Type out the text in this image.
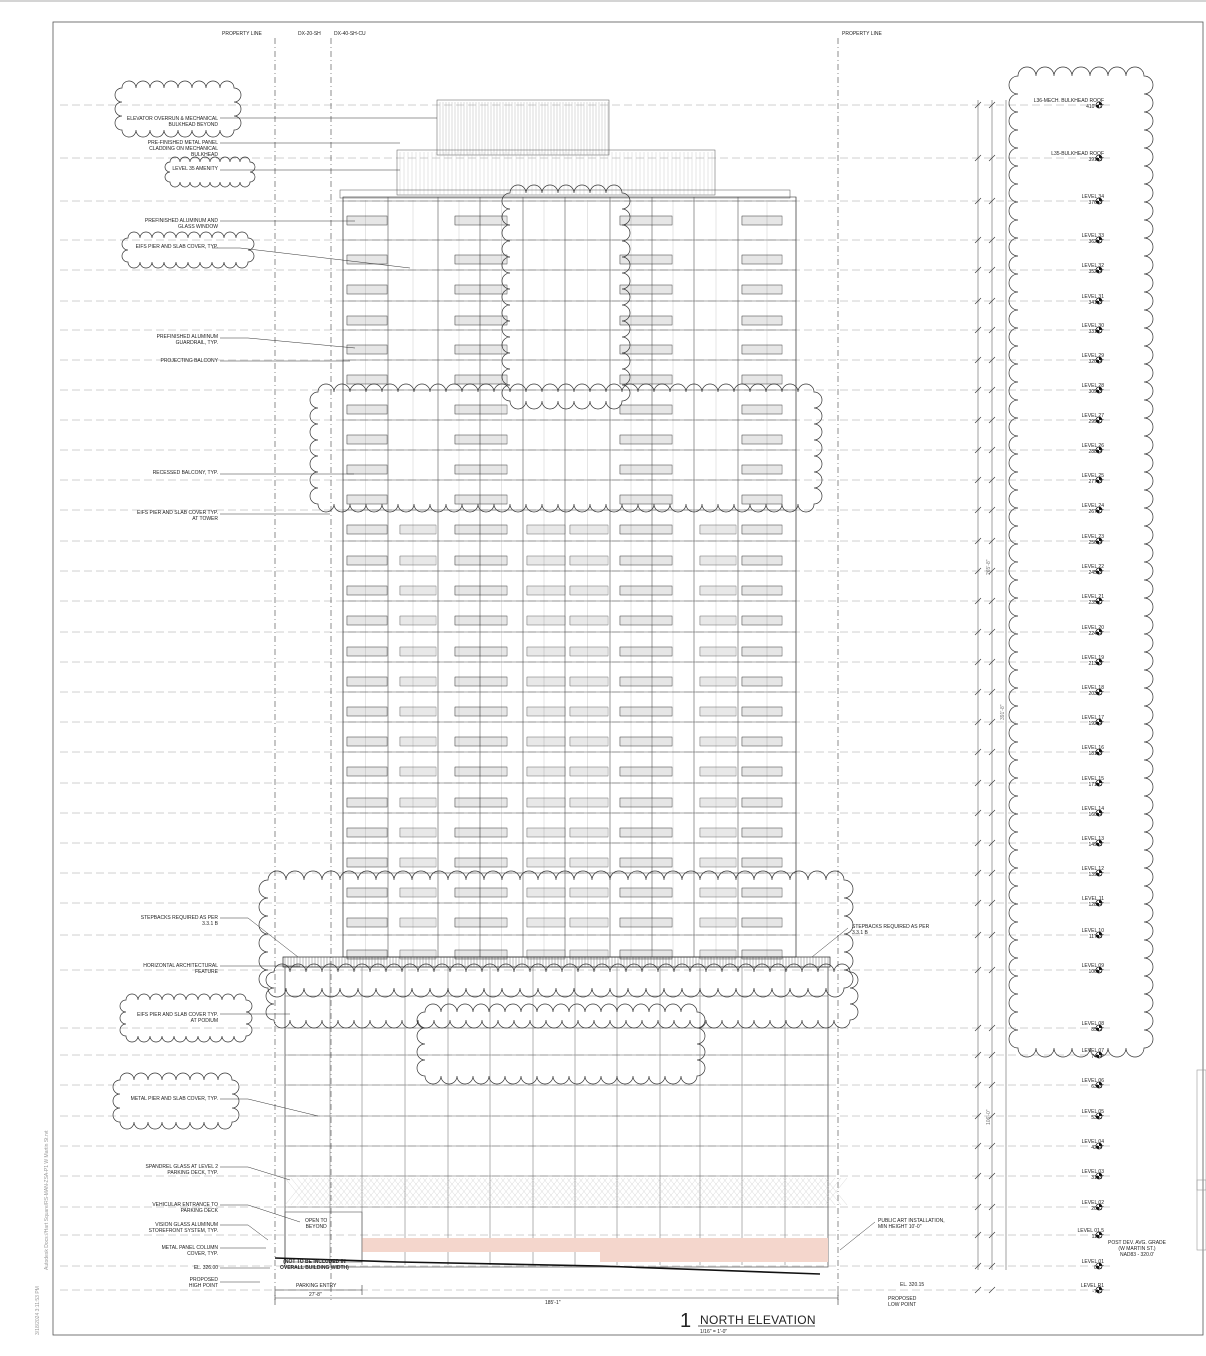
PROPERTY LINE	DX-20-SH	DX-40-SH-CU	PROPERTY LINE
ELEVATOR OVERRUN & MECHANICAL
BULKHEAD BEYOND
PRE-FINISHED METAL PANEL
CLADDING ON MECHANICAL
BULKHEAD
LEVEL 35 AMENITY
PREFINISHED ALUMINUM AND
GLASS WINDOW
EIFS PIER AND SLAB COVER, TYP.
PREFINISHED ALUMINUM
GUARDRAIL, TYP.
PROJECTING BALCONY
RECESSED BALCONY, TYP.
EIFS PIER AND SLAB COVER TYP.
AT TOWER
STEPBACKS REQUIRED AS PER
3.3.1 B
HORIZONTAL ARCHITECTURAL
FEATURE
EIFS PIER AND SLAB COVER TYP.
AT PODIUM
METAL PIER AND SLAB COVER, TYP.
SPANDREL GLASS AT LEVEL 2
PARKING DECK, TYP.
VEHICULAR ENTRANCE TO
PARKING DECK
VISION GLASS ALUMINUM
STOREFRONT SYSTEM, TYP.
METAL PANEL COLUMN
COVER, TYP.
EL. 326.00
PROPOSED
HIGH POINT
STEPBACKS REQUIRED AS PER
3.3.1 B
PUBLIC ART INSTALLATION,
MIN HEIGHT 10'-0"
EL. 320.15
PROPOSED
LOW POINT
POST DEV. AVG. GRADE
(W MARTIN ST.)
NAD83 - 320.0'
OPEN TO
BEYOND
(NOT TO BE INCLUDED IN
OVERALL BUILDING WIDTH)
PARKING ENTRY
27'-8"
185'-1"
265'-8"
391'-8"
106'-0"
L36-MECH. BULKHEAD ROOF
410'-11"
L35-BULKHEAD ROOF
391'-8"
LEVEL 34
376'-8"
LEVEL 33
362'-0"
LEVEL 32
352'-4"
LEVEL 31
341'-8"
LEVEL 30
331'-0"
LEVEL 29
320'-4"
LEVEL 28
309'-8"
LEVEL 27
299'-0"
LEVEL 26
288'-4"
LEVEL 25
277'-8"
LEVEL 24
267'-0"
LEVEL 23
256'-4"
LEVEL 22
245'-8"
LEVEL 21
235'-0"
LEVEL 20
224'-4"
LEVEL 19
213'-8"
LEVEL 18
203'-0"
LEVEL 17
192'-4"
LEVEL 16
181'-8"
LEVEL 15
171'-0"
LEVEL 14
160'-4"
LEVEL 13
149'-8"
LEVEL 12
139'-0"
LEVEL 11
128'-4"
LEVEL 10
117'-8"
LEVEL 09
106'-0"
LEVEL 08
85'-2"
LEVEL 07
74'-4"
LEVEL 06
63'-8"
LEVEL 05
53'-0"
LEVEL 04
42'-4"
LEVEL 03
31'-8"
LEVEL 02
20'-0"
LEVEL 01.5
11'-0"
LEVEL 01
0'-0"
LEVEL R1
-7'-0"
3/18/2024 3:11:53 PM
Autodesk Docs://Hart Square/RS-MAN-ZSA-P1 W Martin St.rvt
1 NORTH ELEVATION
1/16" = 1'-0"
